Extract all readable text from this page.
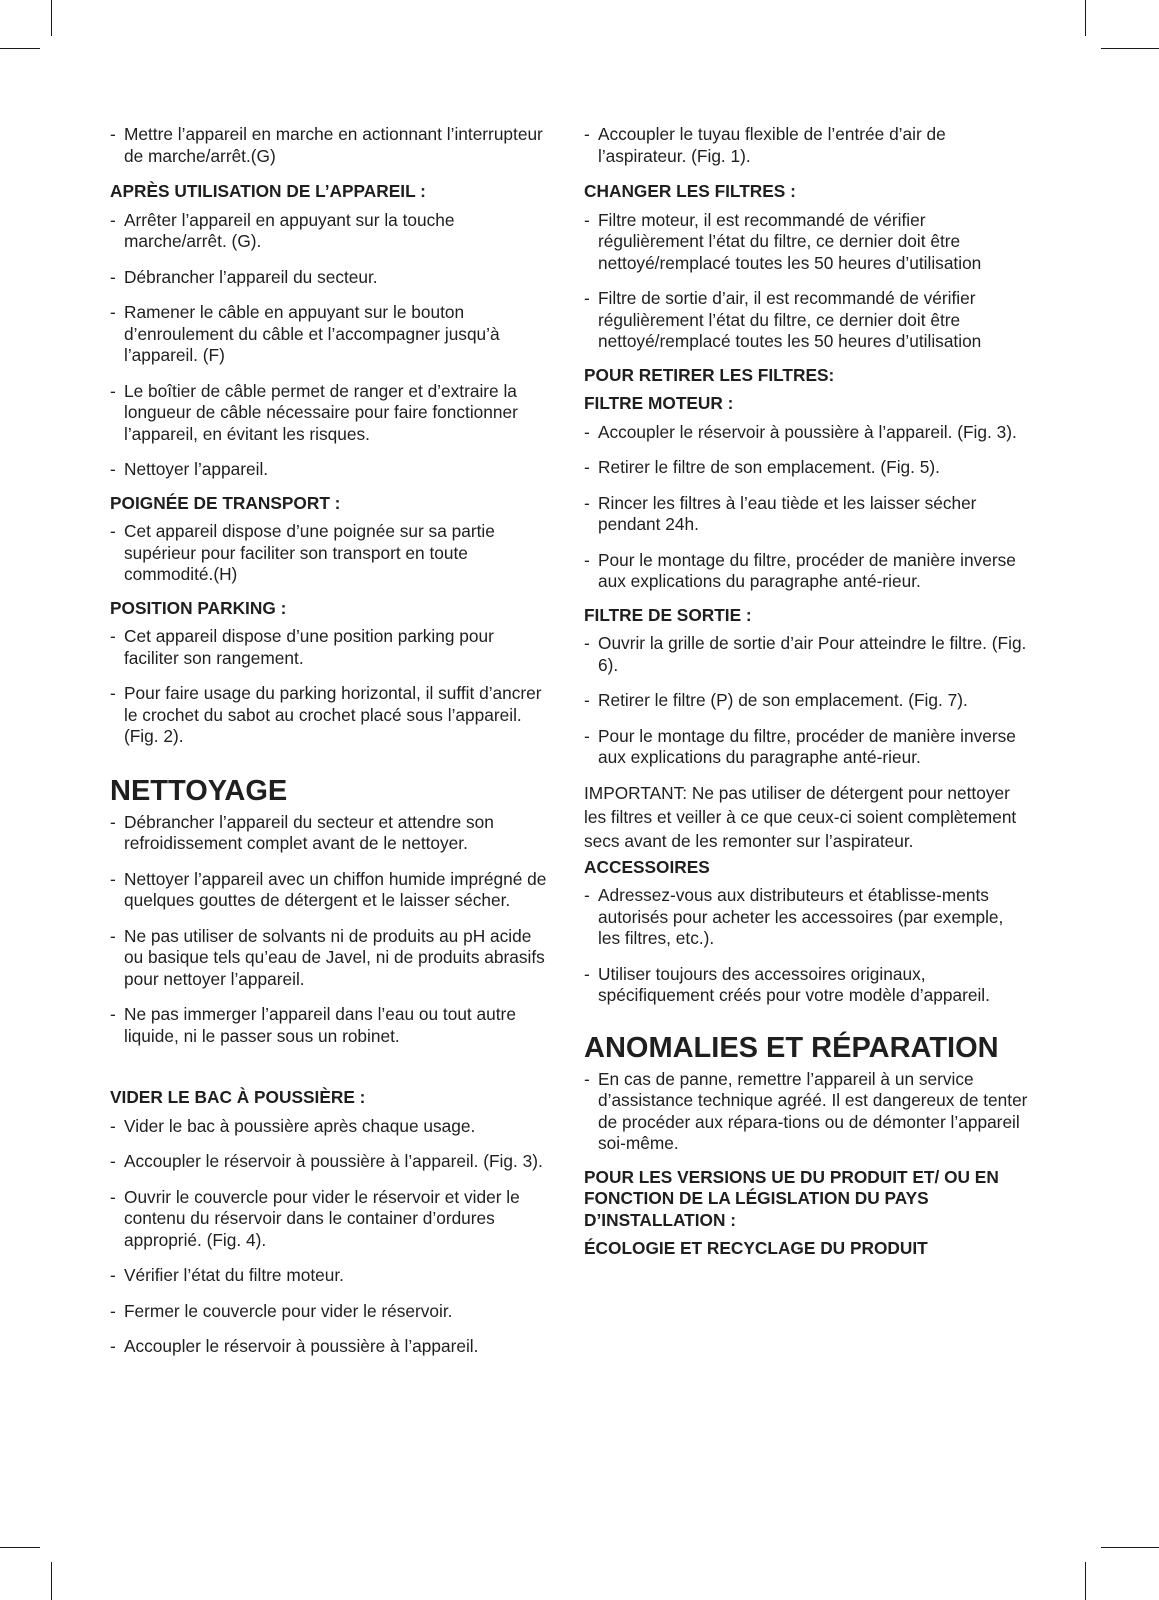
- Mettre l’appareil en marche en actionnant l’interrupteur de marche/arrêt.(G)
APRÈS UTILISATION DE L’APPAREIL :
- Arrêter l’appareil en appuyant sur la touche marche/arrêt. (G).
- Débrancher l’appareil du secteur.
- Ramener le câble en appuyant sur le bouton d’enroulement du câble et l’accompagner jusqu’à l’appareil. (F)
- Le boîtier de câble permet de ranger et d’extraire la longueur de câble nécessaire pour faire fonctionner l’appareil, en évitant les risques.
- Nettoyer l’appareil.
POIGNÉE DE TRANSPORT :
- Cet appareil dispose d’une poignée sur sa partie supérieur pour faciliter son transport en toute commodité.(H)
POSITION PARKING :
- Cet appareil dispose d’une position parking pour faciliter son rangement.
- Pour faire usage du parking horizontal, il suffit d’ancrer le crochet du sabot au crochet placé sous l’appareil. (Fig. 2).
NETTOYAGE
- Débrancher l’appareil du secteur et attendre son refroidissement complet avant de le nettoyer.
- Nettoyer l’appareil avec un chiffon humide imprégné de quelques gouttes de détergent et le laisser sécher.
- Ne pas utiliser de solvants ni de produits au pH acide ou basique tels qu’eau de Javel, ni de produits abrasifs pour nettoyer l’appareil.
- Ne pas immerger l’appareil dans l’eau ou tout autre liquide, ni le passer sous un robinet.
VIDER LE BAC À POUSSIÈRE :
- Vider le bac à poussière après chaque usage.
- Accoupler le réservoir à poussière à l’appareil. (Fig. 3).
- Ouvrir le couvercle pour vider le réservoir et vider le contenu du réservoir dans le container d’ordures approprié. (Fig. 4).
- Vérifier l’état du filtre moteur.
- Fermer le couvercle pour vider le réservoir.
- Accoupler le réservoir à poussière à l’appareil.
- Accoupler le tuyau flexible de l’entrée d’air de l’aspirateur. (Fig. 1).
CHANGER LES FILTRES :
- Filtre moteur, il est recommandé de vérifier régulièrement l’état du filtre, ce dernier doit être nettoyé/remplacé toutes les 50 heures d’utilisation
- Filtre de sortie d’air, il est recommandé de vérifier régulièrement l’état du filtre, ce dernier doit être nettoyé/remplacé toutes les 50 heures d’utilisation
POUR RETIRER LES FILTRES:
FILTRE MOTEUR :
- Accoupler le réservoir à poussière à l’appareil. (Fig. 3).
- Retirer le filtre de son emplacement. (Fig. 5).
- Rincer les filtres à l’eau tiède et les laisser sécher pendant 24h.
- Pour le montage du filtre, procéder de manière inverse aux explications du paragraphe anté-rieur.
FILTRE DE SORTIE :
- Ouvrir la grille de sortie d’air Pour atteindre le filtre. (Fig. 6).
- Retirer le filtre (P) de son emplacement. (Fig. 7).
- Pour le montage du filtre, procéder de manière inverse aux explications du paragraphe anté-rieur.
IMPORTANT: Ne pas utiliser de détergent pour nettoyer les filtres et veiller à ce que ceux-ci soient complètement secs avant de les remonter sur l’aspirateur.
ACCESSOIRES
- Adressez-vous aux distributeurs et établisse-ments autorisés pour acheter les accessoires (par exemple, les filtres, etc.).
- Utiliser toujours des accessoires originaux, spécifiquement créés pour votre modèle d’appareil.
ANOMALIES ET RÉPARATION
- En cas de panne, remettre l’appareil à un service d’assistance technique agréé. Il est dangereux de tenter de procéder aux répara-tions ou de démonter l’appareil soi-même.
POUR LES VERSIONS UE DU PRODUIT ET/ OU EN FONCTION DE LA LÉGISLATION DU PAYS D’INSTALLATION :
ÉCOLOGIE ET RECYCLAGE DU PRODUIT
